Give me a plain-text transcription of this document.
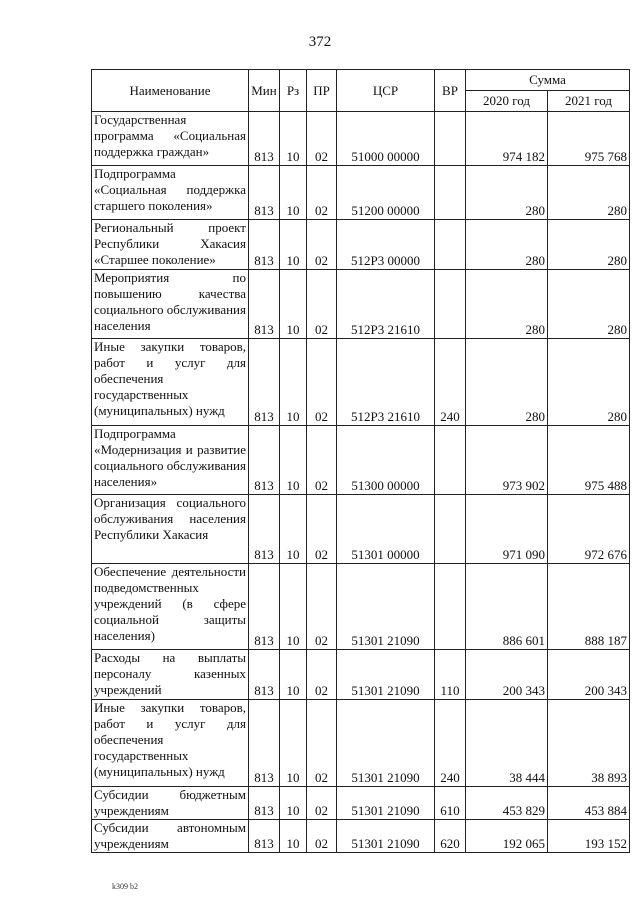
372
Наименование	Мин	Рз	ПР	ЦСР	ВР	Сумма	
						2020 год	2021 год
Государственная программа «Социальная поддержка граждан»	813	10	02	51000 00000		974 182	975 768
Подпрограмма «Социальная поддержка старшего поколения»	813	10	02	51200 00000		280	280
Региональный проект Республики Хакасия «Старшее поколение»	813	10	02	512P3 00000		280	280
Мероприятия по повышению качества социального обслуживания населения	813	10	02	512P3 21610		280	280
Иные закупки товаров, работ и услуг для обеспечения государственных (муниципальных) нужд	813	10	02	512P3 21610	240	280	280
Подпрограмма «Модернизация и развитие социального обслуживания населения»	813	10	02	51300 00000		973 902	975 488
Организация социального обслуживания населения Республики Хакасия	813	10	02	51301 00000		971 090	972 676
Обеспечение деятельности подведомственных учреждений (в сфере социальной защиты населения)	813	10	02	51301 21090		886 601	888 187
Расходы на выплаты персоналу казенных учреждений	813	10	02	51301 21090	110	200 343	200 343
Иные закупки товаров, работ и услуг для обеспечения государственных (муниципальных) нужд	813	10	02	51301 21090	240	38 444	38 893
Субсидии бюджетным учреждениям	813	10	02	51301 21090	610	453 829	453 884
Субсидии автономным учреждениям	813	10	02	51301 21090	620	192 065	193 152
k309 b2
